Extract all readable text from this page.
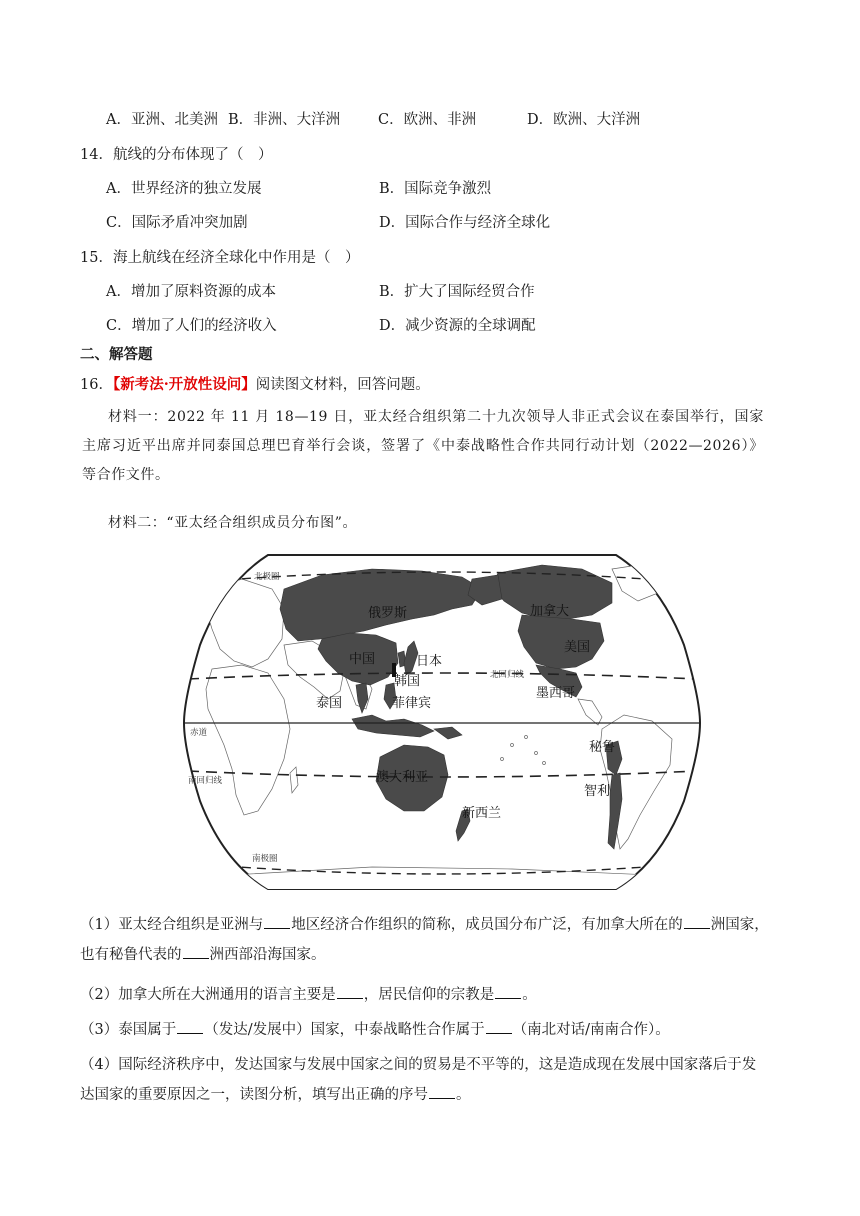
A．亚洲、北美洲 B．非洲、大洋洲	C．欧洲、非洲	D．欧洲、大洋洲
14．航线的分布体现了（　）
A．世界经济的独立发展	B．国际竞争激烈
C．国际矛盾冲突加剧	D．国际合作与经济全球化
15．海上航线在经济全球化中作用是（　）
A．增加了原料资源的成本	B．扩大了国际经贸合作
C．增加了人们的经济收入	D．减少资源的全球调配
二、解答题
16．【新考法·开放性设问】阅读图文材料，回答问题。
材料一：2022 年 11 月 18—19 日，亚太经合组织第二十九次领导人非正式会议在泰国举行，国家主席习近平出席并同泰国总理巴育举行会谈，签署了《中泰战略性合作共同行动计划（2022—2026）》等合作文件。
材料二：“亚太经合组织成员分布图”。
北极圈
北回归线
赤道
南回归线
南极圈
俄罗斯	加拿大
美国
中国	日本
韩国
泰国	菲律宾
墨西哥
秘鲁
智利
澳大利亚
新西兰
（1）亚太经合组织是亚洲与 地区经济合作组织的简称，成员国分布广泛，有加拿大所在的 洲国家，
也有秘鲁代表的 洲西部沿海国家。
（2）加拿大所在大洲通用的语言主要是 ，居民信仰的宗教是 。
（3）泰国属于 （发达/发展中）国家，中泰战略性合作属于 （南北对话/南南合作）。
（4）国际经济秩序中，发达国家与发展中国家之间的贸易是不平等的，这是造成现在发展中国家落后于发
达国家的重要原因之一，读图分析，填写出正确的序号 。
